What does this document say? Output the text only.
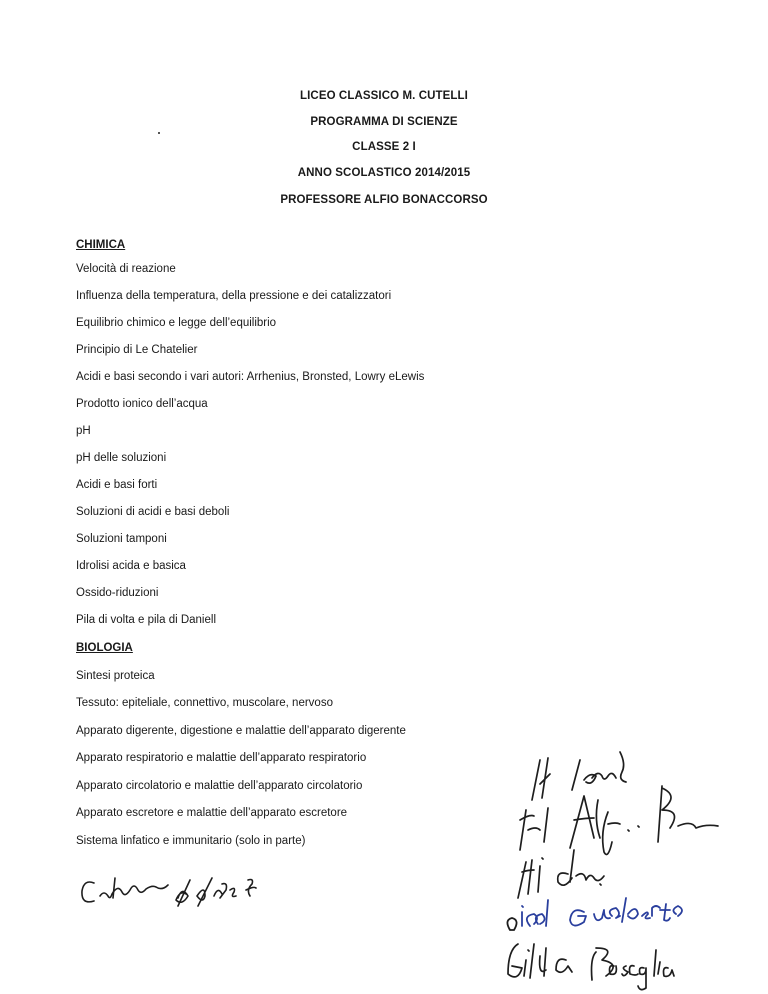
LICEO CLASSICO M. CUTELLI
PROGRAMMA DI SCIENZE
CLASSE 2 I
ANNO SCOLASTICO 2014/2015
PROFESSORE ALFIO BONACCORSO
CHIMICA
Velocità di reazione
Influenza della temperatura, della pressione e dei catalizzatori
Equilibrio chimico e legge dell’equilibrio
Principio di Le Chatelier
Acidi e basi secondo i vari autori: Arrhenius, Bronsted, Lowry eLewis
Prodotto ionico dell’acqua
pH
pH delle soluzioni
Acidi e basi forti
Soluzioni di acidi e basi deboli
Soluzioni tamponi
Idrolisi acida e basica
Ossido-riduzioni
Pila di volta e pila di Daniell
BIOLOGIA
Sintesi proteica
Tessuto: epiteliale, connettivo, muscolare, nervoso
Apparato digerente, digestione e malattie dell’apparato digerente
Apparato respiratorio e malattie dell’apparato respiratorio
Apparato circolatorio e malattie dell’apparato circolatorio
Apparato escretore e malattie dell’apparato escretore
Sistema linfatico e immunitario (solo in parte)
